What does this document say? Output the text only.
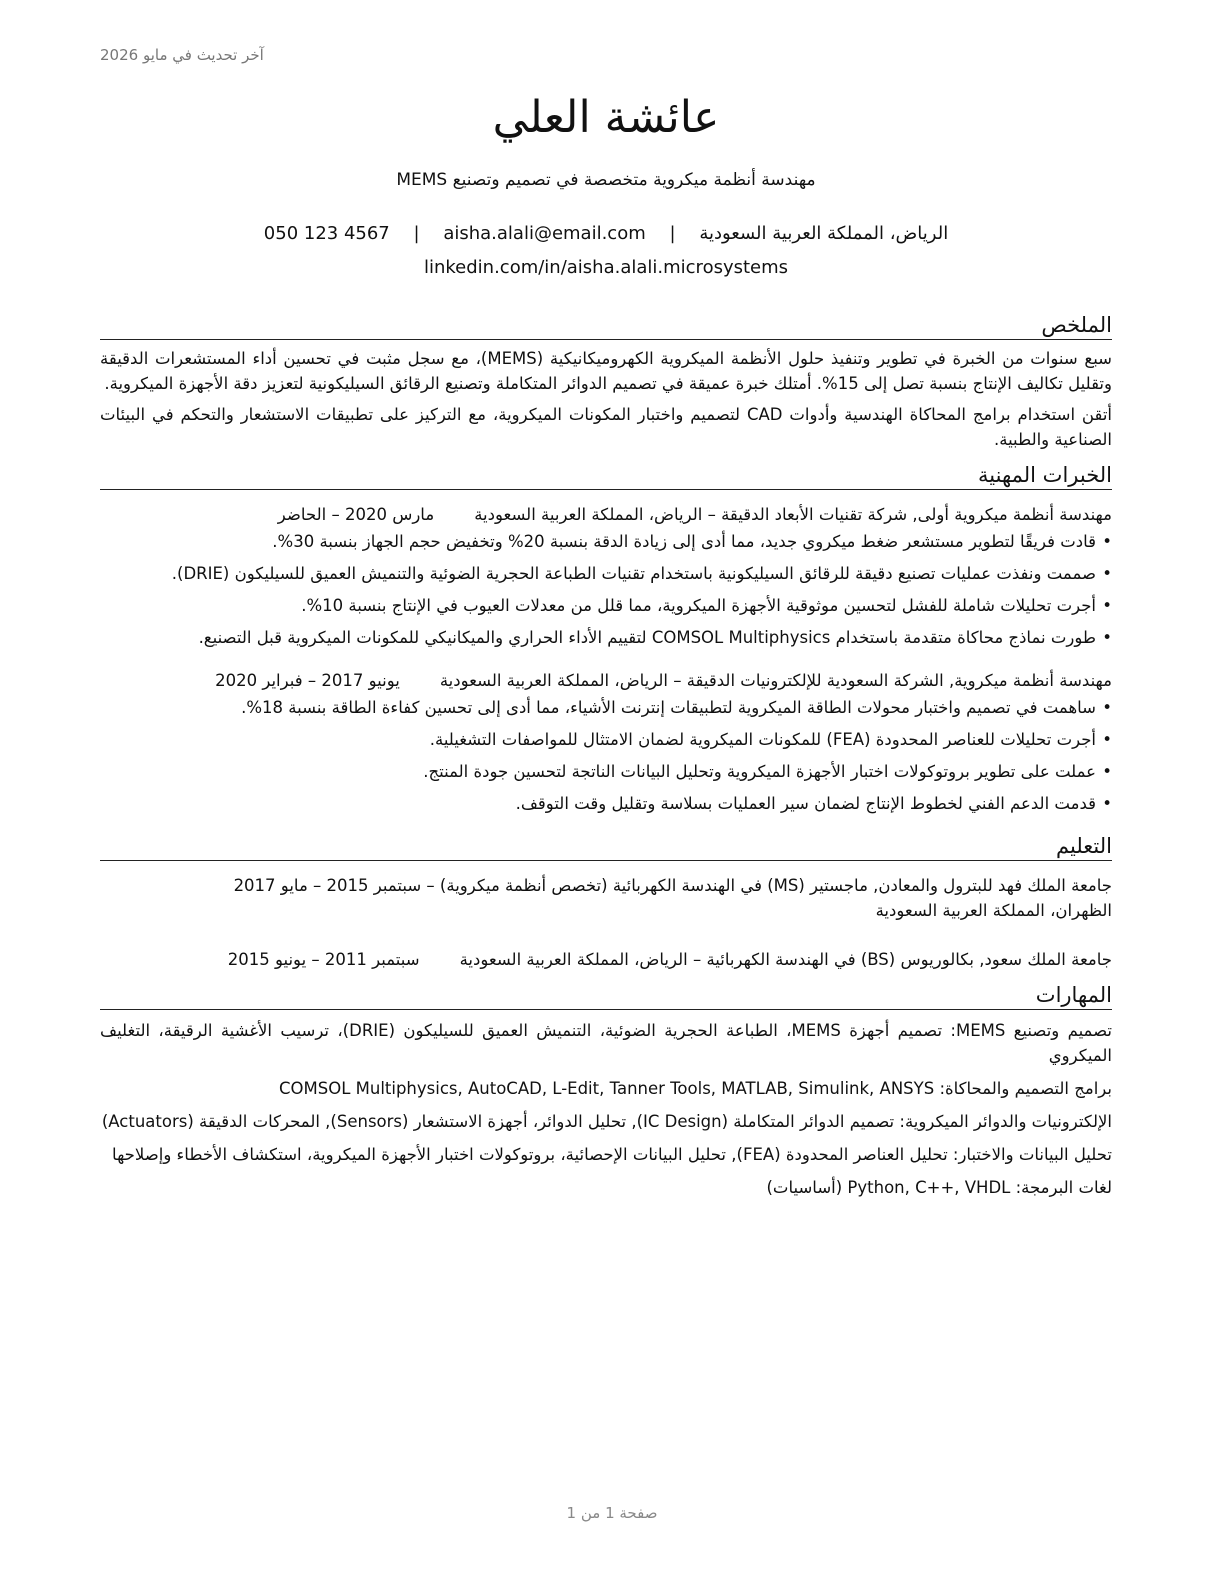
آخر تحديث في مايو 2026
عائشة العلي
مهندسة أنظمة ميكروية متخصصة في تصميم وتصنيع MEMS
الرياض، المملكة العربية السعودية | aisha.alali@email.com | 050 123 4567
linkedin.com/in/aisha.alali.microsystems
الملخص

سبع سنوات من الخبرة في تطوير وتنفيذ حلول الأنظمة الميكروية الكهروميكانيكية (MEMS)، مع سجل مثبت في تحسين أداء المستشعرات الدقيقة وتقليل تكاليف الإنتاج بنسبة تصل إلى 15%. أمتلك خبرة عميقة في تصميم الدوائر المتكاملة وتصنيع الرقائق السيليكونية لتعزيز دقة الأجهزة الميكروية.

أتقن استخدام برامج المحاكاة الهندسية وأدوات CAD لتصميم واختبار المكونات الميكروية، مع التركيز على تطبيقات الاستشعار والتحكم في البيئات الصناعية والطبية.

الخبرات المهنية
مهندسة أنظمة ميكروية أولى, شركة تقنيات الأبعاد الدقيقة – الرياض، المملكة العربية السعودية
مارس 2020 – الحاضر
• قادت فريقًا لتطوير مستشعر ضغط ميكروي جديد، مما أدى إلى زيادة الدقة بنسبة 20% وتخفيض حجم الجهاز بنسبة 30%.
• صممت ونفذت عمليات تصنيع دقيقة للرقائق السيليكونية باستخدام تقنيات الطباعة الحجرية الضوئية والتنميش العميق للسيليكون (DRIE).
• أجرت تحليلات شاملة للفشل لتحسين موثوقية الأجهزة الميكروية، مما قلل من معدلات العيوب في الإنتاج بنسبة 10%.
• طورت نماذج محاكاة متقدمة باستخدام COMSOL Multiphysics لتقييم الأداء الحراري والميكانيكي للمكونات الميكروية قبل التصنيع.
مهندسة أنظمة ميكروية, الشركة السعودية للإلكترونيات الدقيقة – الرياض، المملكة العربية السعودية
يونيو 2017 – فبراير 2020
• ساهمت في تصميم واختبار محولات الطاقة الميكروية لتطبيقات إنترنت الأشياء، مما أدى إلى تحسين كفاءة الطاقة بنسبة 18%.
• أجرت تحليلات للعناصر المحدودة (FEA) للمكونات الميكروية لضمان الامتثال للمواصفات التشغيلية.
• عملت على تطوير بروتوكولات اختبار الأجهزة الميكروية وتحليل البيانات الناتجة لتحسين جودة المنتج.
• قدمت الدعم الفني لخطوط الإنتاج لضمان سير العمليات بسلاسة وتقليل وقت التوقف.
التعليم
جامعة الملك فهد للبترول والمعادن, ماجستير (MS) في الهندسة الكهربائية (تخصص أنظمة ميكروية) – سبتمبر 2015 – مايو 2017
الظهران، المملكة العربية السعودية
جامعة الملك سعود, بكالوريوس (BS) في الهندسة الكهربائية – الرياض، المملكة العربية السعودية
سبتمبر 2011 – يونيو 2015
المهارات

تصميم وتصنيع MEMS: تصميم أجهزة MEMS، الطباعة الحجرية الضوئية، التنميش العميق للسيليكون (DRIE)، ترسيب الأغشية الرقيقة، التغليف الميكروي

برامج التصميم والمحاكاة: COMSOL Multiphysics, AutoCAD, L-Edit, Tanner Tools, MATLAB, Simulink, ANSYS

الإلكترونيات والدوائر الميكروية: تصميم الدوائر المتكاملة (IC Design), تحليل الدوائر، أجهزة الاستشعار (Sensors), المحركات الدقيقة (Actuators)

تحليل البيانات والاختبار: تحليل العناصر المحدودة (FEA), تحليل البيانات الإحصائية، بروتوكولات اختبار الأجهزة الميكروية، استكشاف الأخطاء وإصلاحها

لغات البرمجة: Python, C++, VHDL (أساسيات)

صفحة 1 من 1
